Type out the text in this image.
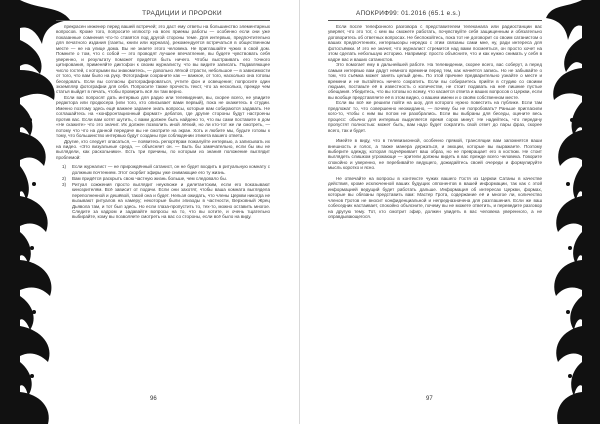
ТРАДИЦИИ И ПРОРОКИ

прекрасен инженер перед вашей встречей; это даст ему ответы на большинство элементарных вопросов. Кроме того, попросите иллюстр на всех приемы работы — особенно если они уже показанные сомнения что-то ставятся под другой стороны теме. Для интервью, предпочтительно для печатного издания (газеты, книги или журнала), рекомендуется встречаться в общественном месте — не на улице дома. Вы не знаете этого человека. Не приглашайте чужих в свой дом. Помните о том, что с собой — это проводят лучшее впечатление, вы будете чувствовать себя уверенно, и результату поможет придётся быть ничего. Чтобы выстраивать его точного цитирования, применяйте диктофон к своим журналисту, что вы видите записать. Подавляющее число гостей, с которыми вы знакомитесь, — довольно лёгкой страсти, небольшое — в зависимости от того, что вам было на руку. Фотографии сохраните как — важное, от того, насколько она готовы беседовать. Если вы согласны фотографироваться, учтите фон и освещение; попросите один экземпляр фотографии для себя. Попросите также прочесть текст, что за несколько, прежде чем статья выйдет в печать, чтобы проверить всё ли там верно.

Если вас попросят дать интервью для радио или телевидения, вы, скорее всего, не увидите редактора или продюсера (или того, кто описывает вами первый), пока не окажетесь в студии. Именно поэтому здесь ещё важнее заранее знать вопросы, которые вам собираются задавать. Не соглашайтесь на «конфронтационный формат» дебатов, где другие стороны будут настроены против вас. Если вам хотят шутить, с вами должен быть найдено то, что вы сами поставите в дом «Не скажите» что это значит. Их должен позволить иной лёгкий, но ли кто-тот же ли смотреть, — потому что что на данной передаче вы не смотрите на экран. Хоть и любите мы, будьте готовы к тому, что большинство интервью будут созданы при соблюдении этикета вашего ответа.

Другие, кто следует опасаться, — появитесь репортёрам пожалуйте интервью, а записывать их на видео. «Это визуальные среда, — объясняет он. — Быть бы замечательно, если бы мы не выглядели, как раскольники». Есть три причины, по которым из знания положение выглядит проблемой:

1) Если журналист — не прирождённый сатанист, он не будет входить в ритуальную комнату с должным почтением. Этот скорбит эфиры уже снимающие его ту жизнь.
2) Вам придётся раскрыть свою частную жизнь больше, чем следовало бы.
3) Ритуал сожжения просто выглядит неуклюже и дилетантским, если его показывают кинозрителям. Всё зависит от подачи. Если они захотят, чтобы ваша комната выглядела переполненной и дешёвой, такой она и будет. Нельзя ожидать, что члены Церкви никогда не вызывают ритуалов на камеру; некоторые были эпизоды в частности, Верховный Жрец Дьявола там, и тот был здесь. Но если глаза-пропустить то, тех-то, можно оставить многое. Следите за кадром и задавайте вопросы на то, что вы хотите, и очень тщательно выбирайте, кому вы позволяете смотреть на вас со стороны, если всё было на виду.
96
АПОКРИФ99: 01.2016 (65.1 e.s.)

Если после телефонного разговора с представителем телеканала или радиостанции вас уверяет, что это тот, с кем вы сможете работать, почувствуйте себя защищенным и обязательно договоритесь об ответных вопросах. Не беспокойтесь, пока тот не договорит со своим сатанистом о ваших предпочтениях, интервьюэры нередко с этим связаны сами мне, ну, ради интереса для фотосъёмки. И это не значит, что журналист стремится над вами посмеяться, он просто хочет на этом сделать небольшую историю. Например: просто объясните, что и как нужно снимать у себя в кадре вас и ваших сатанистов.

Это помогает ему в дальнейшей работе. На телевидении, скорее всего, вас соберут, а перед самым интервью вам дадут немного времени перед тем, как начнётся запись. Но не забывайте о том, что съёмка может занять целый день. По этой причине предварительно узнайте о месте и времени и не пытайтесь ничего сократить. Если вы собираетесь прийти в студию со своими людьми, поставьте её в известность о количестве, не стоит подавать на неё лишние пустые обещания. Убедитесь, что вы готовы ко всему, что касается ответа и ваших вопросов о Церкви, если вы вообще представляете её в этом видео, о вашем имени и о своём собственном месте.

Если вы всё же решили пойти на шоу, для которого нужно повестить на публике. Если там предложат то, что совершенно неожиданно, — почему бы не попробовать? Раньше пригласили кого-то, чтобы с ним вы потом не разобрались. Если вы выбраны для беседы, оцените весь процесс: обычно для интервью выделяется время сорок минут. Не надейтесь, что передачу пропустят полностью: может быть, вам надо будет сократить свой ответ до пары фраз, скорее всего, так и будет.

Имейте в виду, что в телевизионной, особенно прямой, трансляции вам запомнятся ваши внешность и голос, а также манера держаться, и эмоции, которые вы выражаете. Поэтому выберите одежду, которая подчёркивает ваш образ, но не превращает его в костюм. Не стоит выглядеть слишком угрожающе — зрители должны видеть в вас прежде всего человека. Говорите спокойно и уверенно, не перебивайте ведущего, дожидайтесь своей очереди и формулируйте мысль коротко и ясно.

Не отвечайте на вопросы в контексте чужих вашего Гостя из Церкви Сатаны в качестве действия, кроме исключенной ваших будущих оппонентов в вашей информации, так как с этой информацией ведущий будет работать дальше. Информация об интересах Церкви, формах, которые вы обязаны представить вам: Мастер Грота, содержание её и многое ли, количество членов Гротов не вносит конфиденциальной и непредназначена для разглашения. Если же ваш собеседник настаивает, спокойно объясните, почему вы не можете ответить, и переведите разговор на другую тему. Тот, кто смотрит эфир, должен увидеть в вас человека уверенного, а не оправдывающегося.

97
